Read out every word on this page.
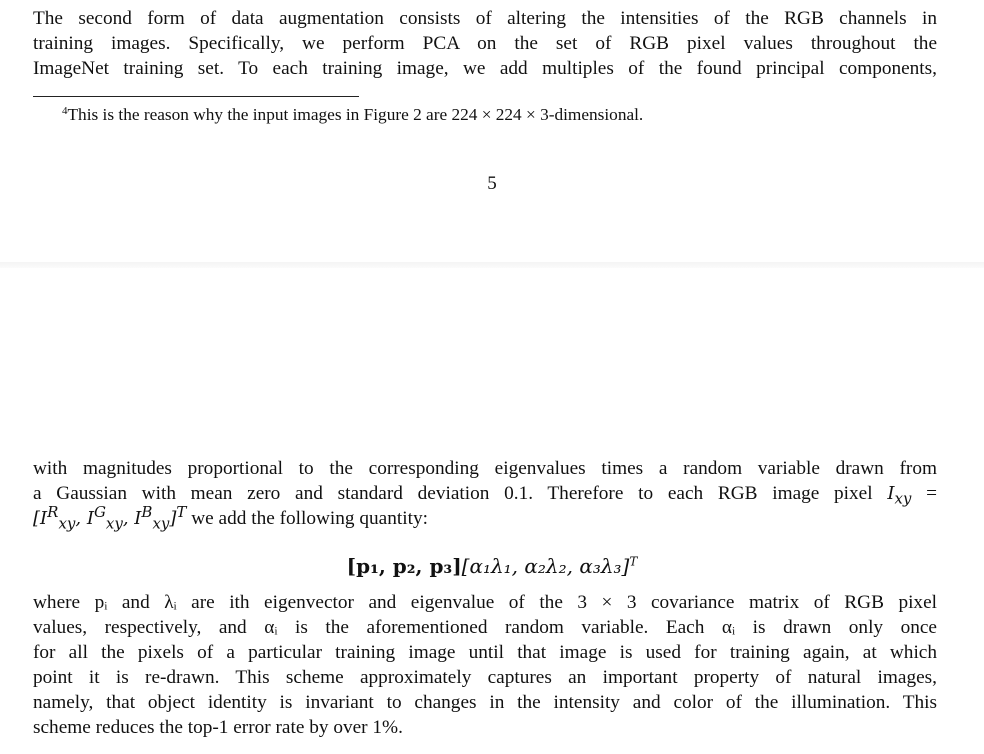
The second form of data augmentation consists of altering the intensities of the RGB channels in
training images. Specifically, we perform PCA on the set of RGB pixel values throughout the
ImageNet training set. To each training image, we add multiples of the found principal components,

$^4$This is the reason why the input images in Figure 2 are 224 × 224 × 3-dimensional.
5

with magnitudes proportional to the corresponding eigenvalues times a random variable drawn from
a Gaussian with mean zero and standard deviation 0.1. Therefore to each RGB image pixel $I_{xy}$ =
[$I^R_{xy}$, $I^G_{xy}$, $I^B_{xy}]^T$ we add the following quantity:

[p₁, p₂, p₃][α₁λ₁, α₂λ₂, α₃λ₃]$^T$

where pᵢ and λᵢ are ith eigenvector and eigenvalue of the 3 × 3 covariance matrix of RGB pixel
values, respectively, and αᵢ is the aforementioned random variable. Each αᵢ is drawn only once
for all the pixels of a particular training image until that image is used for training again, at which
point it is re-drawn. This scheme approximately captures an important property of natural images,
namely, that object identity is invariant to changes in the intensity and color of the illumination. This
scheme reduces the top-1 error rate by over 1%.
